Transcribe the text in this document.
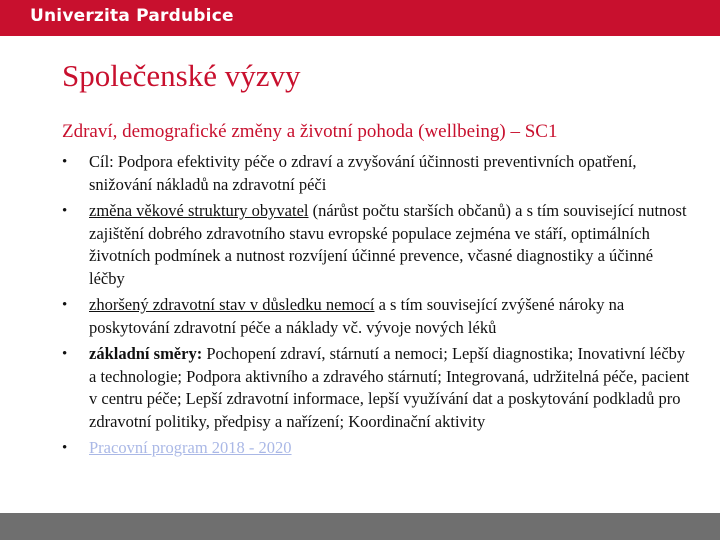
Univerzita Pardubice
Společenské výzvy
Zdraví, demografické změny a životní pohoda (wellbeing) – SC1
• Cíl: Podpora efektivity péče o zdraví a zvyšování účinnosti preventivních opatření, snižování nákladů na zdravotní péči
• změna věkové struktury obyvatel (nárůst počtu starších občanů) a s tím související nutnost zajištění dobrého zdravotního stavu evropské populace zejména ve stáří, optimálních životních podmínek a nutnost rozvíjení účinné prevence, včasné diagnostiky a účinné léčby
• zhoršený zdravotní stav v důsledku nemocí a s tím související zvýšené nároky na poskytování zdravotní péče a náklady vč. vývoje nových léků
• základní směry: Pochopení zdraví, stárnutí a nemoci; Lepší diagnostika; Inovativní léčby a technologie; Podpora aktivního a zdravého stárnutí; Integrovaná, udržitelná péče, pacient v centru péče; Lepší zdravotní informace, lepší využívání dat a poskytování podkladů pro zdravotní politiky, předpisy a nařízení; Koordinační aktivity
• Pracovní program 2018 - 2020
